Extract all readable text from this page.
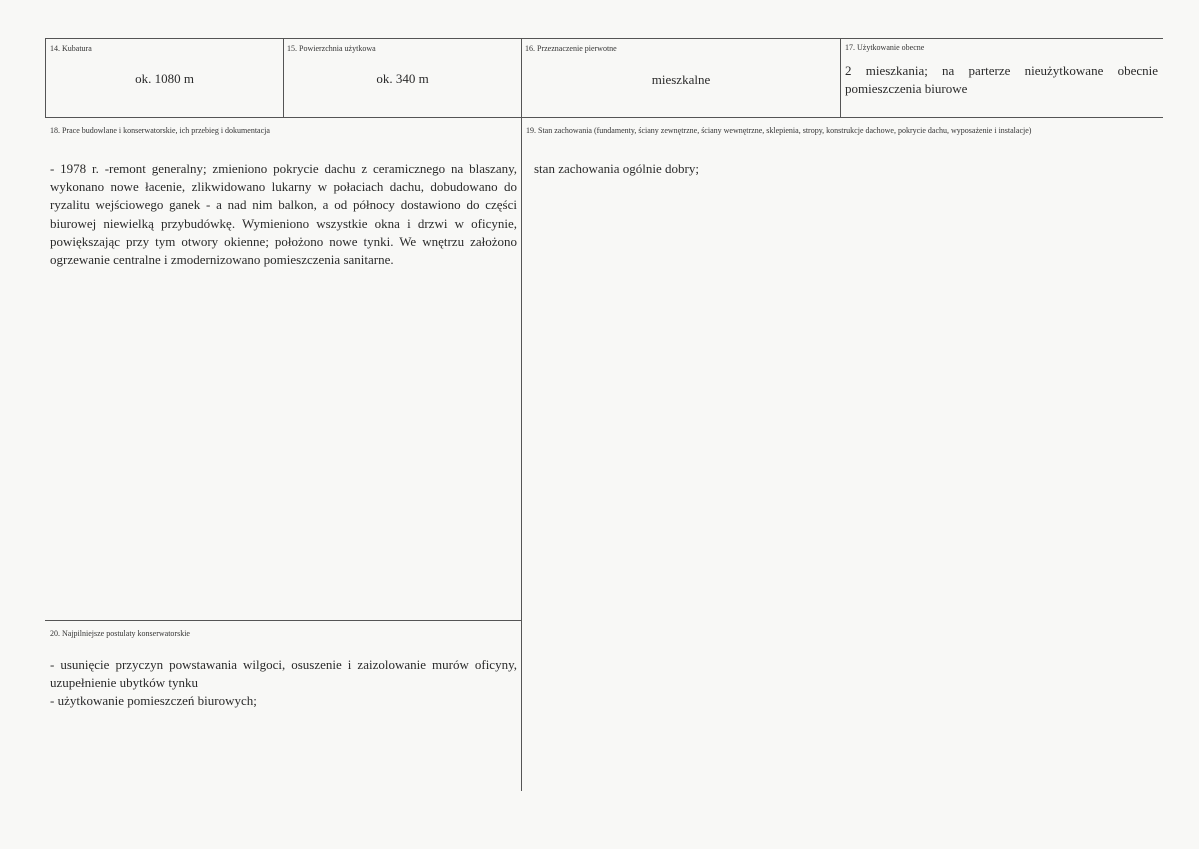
14. Kubatura
ok. 1080 m
15. Powierzchnia użytkowa
ok. 340 m
16. Przeznaczenie pierwotne
mieszkalne
17. Użytkowanie obecne
2 mieszkania; na parterze nieużytkowane obecnie pomieszczenia biurowe
18. Prace budowlane i konserwatorskie, ich przebieg i dokumentacja
- 1978 r. -remont generalny; zmieniono pokrycie dachu z ceramicznego na blaszany, wykonano nowe łacenie, zlikwidowano lukarny w połaciach dachu, dobudowano do ryzalitu wejściowego ganek - a nad nim balkon, a od północy dostawiono do części biurowej niewielką przybudówkę. Wymieniono wszystkie okna i drzwi w oficynie, powiększając przy tym otwory okienne; położono nowe tynki. We wnętrzu założono ogrzewanie centralne i zmodernizowano pomieszczenia sanitarne.
19. Stan zachowania (fundamenty, ściany zewnętrzne, ściany wewnętrzne, sklepienia, stropy, konstrukcje dachowe, pokrycie dachu, wyposażenie i instalacje)
stan zachowania ogólnie dobry;
20. Najpilniejsze postulaty konserwatorskie
- usunięcie przyczyn powstawania wilgoci, osuszenie i zaizolowanie murów oficyny, uzupełnienie ubytków tynku
- użytkowanie pomieszczeń biurowych;
